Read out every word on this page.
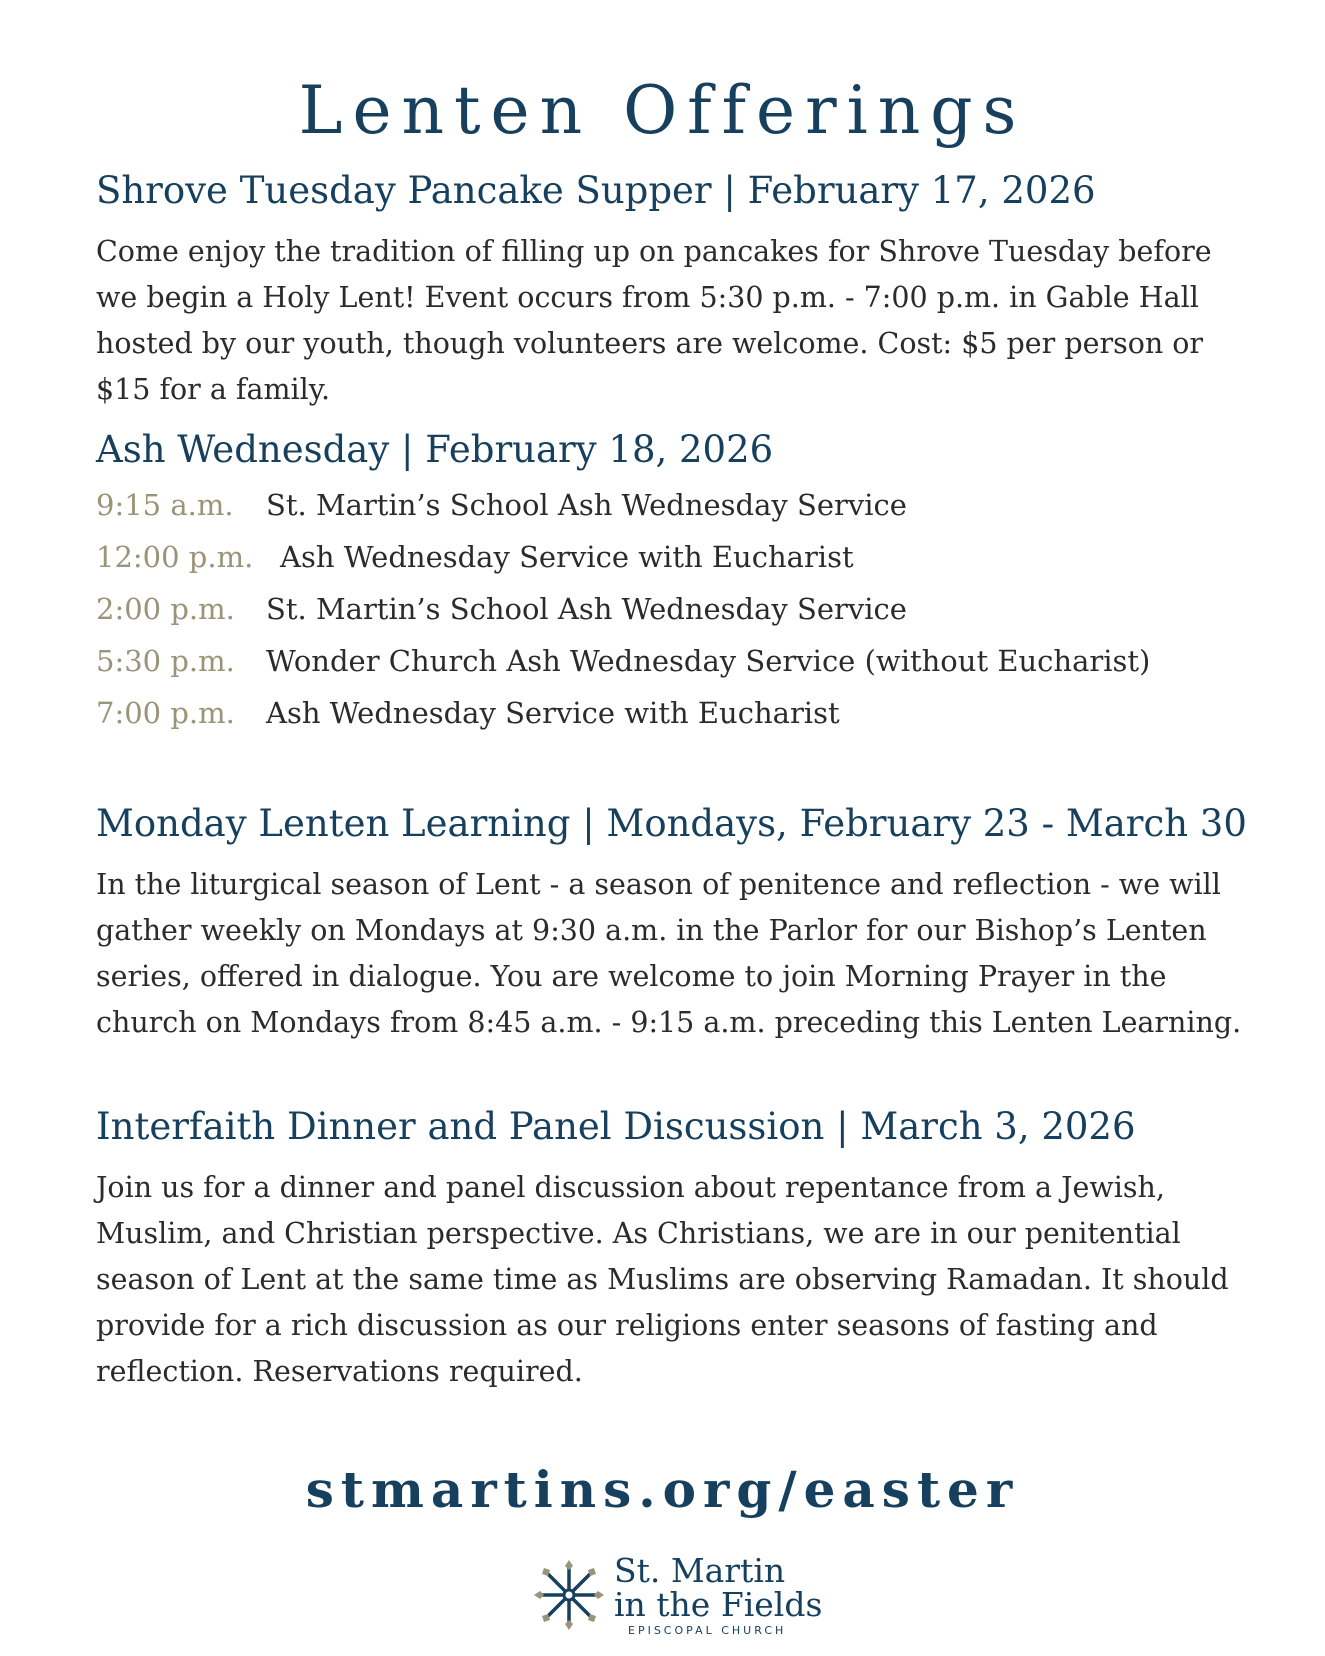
Lenten Offerings
Shrove Tuesday Pancake Supper | February 17, 2026

Come enjoy the tradition of filling up on pancakes for Shrove Tuesday before we begin a Holy Lent! Event occurs from 5:30 p.m. - 7:00 p.m. in Gable Hall hosted by our youth, though volunteers are welcome. Cost: $5 per person or $15 for a family.

Ash Wednesday | February 18, 2026
9:15 a.m.	St. Martin’s School Ash Wednesday Service
12:00 p.m. Ash Wednesday Service with Eucharist
2:00 p.m.	St. Martin’s School Ash Wednesday Service
5:30 p.m.	Wonder Church Ash Wednesday Service (without Eucharist)
7:00 p.m.	Ash Wednesday Service with Eucharist
Monday Lenten Learning | Mondays, February 23 - March 30

In the liturgical season of Lent - a season of penitence and reflection - we will gather weekly on Mondays at 9:30 a.m. in the Parlor for our Bishop’s Lenten series, offered in dialogue. You are welcome to join Morning Prayer in the church on Mondays from 8:45 a.m. - 9:15 a.m. preceding this Lenten Learning.

Interfaith Dinner and Panel Discussion | March 3, 2026

Join us for a dinner and panel discussion about repentance from a Jewish, Muslim, and Christian perspective. As Christians, we are in our penitential season of Lent at the same time as Muslims are observing Ramadan. It should provide for a rich discussion as our religions enter seasons of fasting and reflection. Reservations required.

stmartins.org/easter
St. Martin
in the Fields
EPISCOPAL CHURCH
